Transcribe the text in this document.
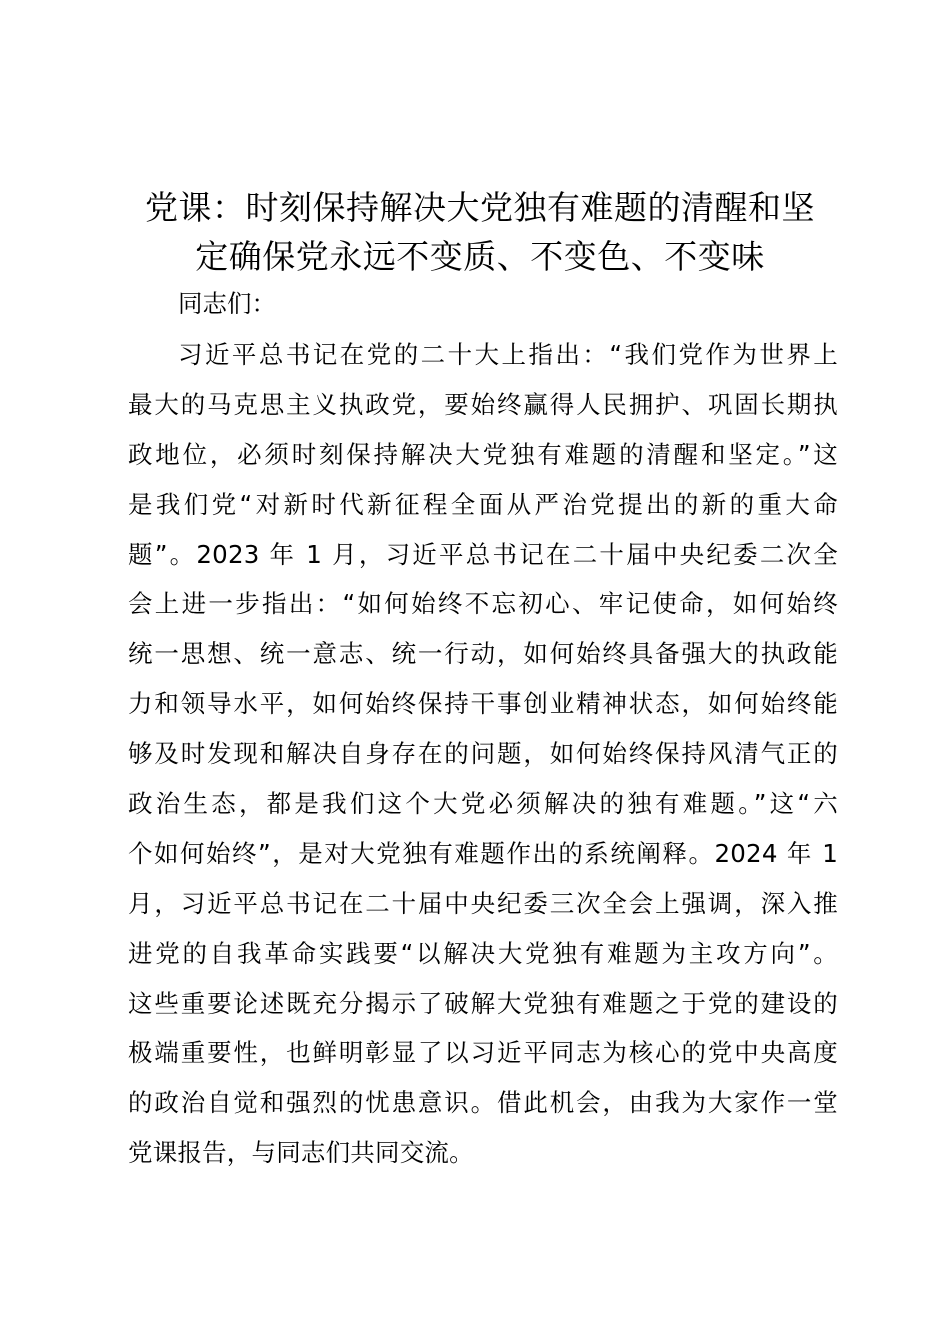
党课：时刻保持解决大党独有难题的清醒和坚
定确保党永远不变质、不变色、不变味
同志们：
习近平总书记在党的二十大上指出：“我们党作为世界上
最大的马克思主义执政党，要始终赢得人民拥护、巩固长期执
政地位，必须时刻保持解决大党独有难题的清醒和坚定。”这
是我们党“对新时代新征程全面从严治党提出的新的重大命
题”。2023 年 1 月，习近平总书记在二十届中央纪委二次全
会上进一步指出：“如何始终不忘初心、牢记使命，如何始终
统一思想、统一意志、统一行动，如何始终具备强大的执政能
力和领导水平，如何始终保持干事创业精神状态，如何始终能
够及时发现和解决自身存在的问题，如何始终保持风清气正的
政治生态，都是我们这个大党必须解决的独有难题。”这“六
个如何始终”，是对大党独有难题作出的系统阐释。2024 年 1
月，习近平总书记在二十届中央纪委三次全会上强调，深入推
进党的自我革命实践要“以解决大党独有难题为主攻方向”。
这些重要论述既充分揭示了破解大党独有难题之于党的建设的
极端重要性，也鲜明彰显了以习近平同志为核心的党中央高度
的政治自觉和强烈的忧患意识。借此机会，由我为大家作一堂
党课报告，与同志们共同交流。
